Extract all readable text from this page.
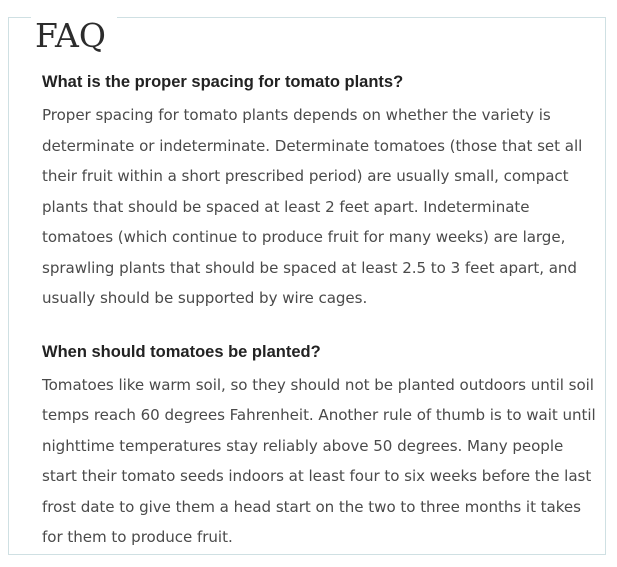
FAQ

What is the proper spacing for tomato plants?

Proper spacing for tomato plants depends on whether the variety is determinate or indeterminate. Determinate tomatoes (those that set all their fruit within a short prescribed period) are usually small, compact plants that should be spaced at least 2 feet apart. Indeterminate tomatoes (which continue to produce fruit for many weeks) are large, sprawling plants that should be spaced at least 2.5 to 3 feet apart, and usually should be supported by wire cages.

When should tomatoes be planted?

Tomatoes like warm soil, so they should not be planted outdoors until soil temps reach 60 degrees Fahrenheit. Another rule of thumb is to wait until nighttime temperatures stay reliably above 50 degrees. Many people start their tomato seeds indoors at least four to six weeks before the last frost date to give them a head start on the two to three months it takes for them to produce fruit.
